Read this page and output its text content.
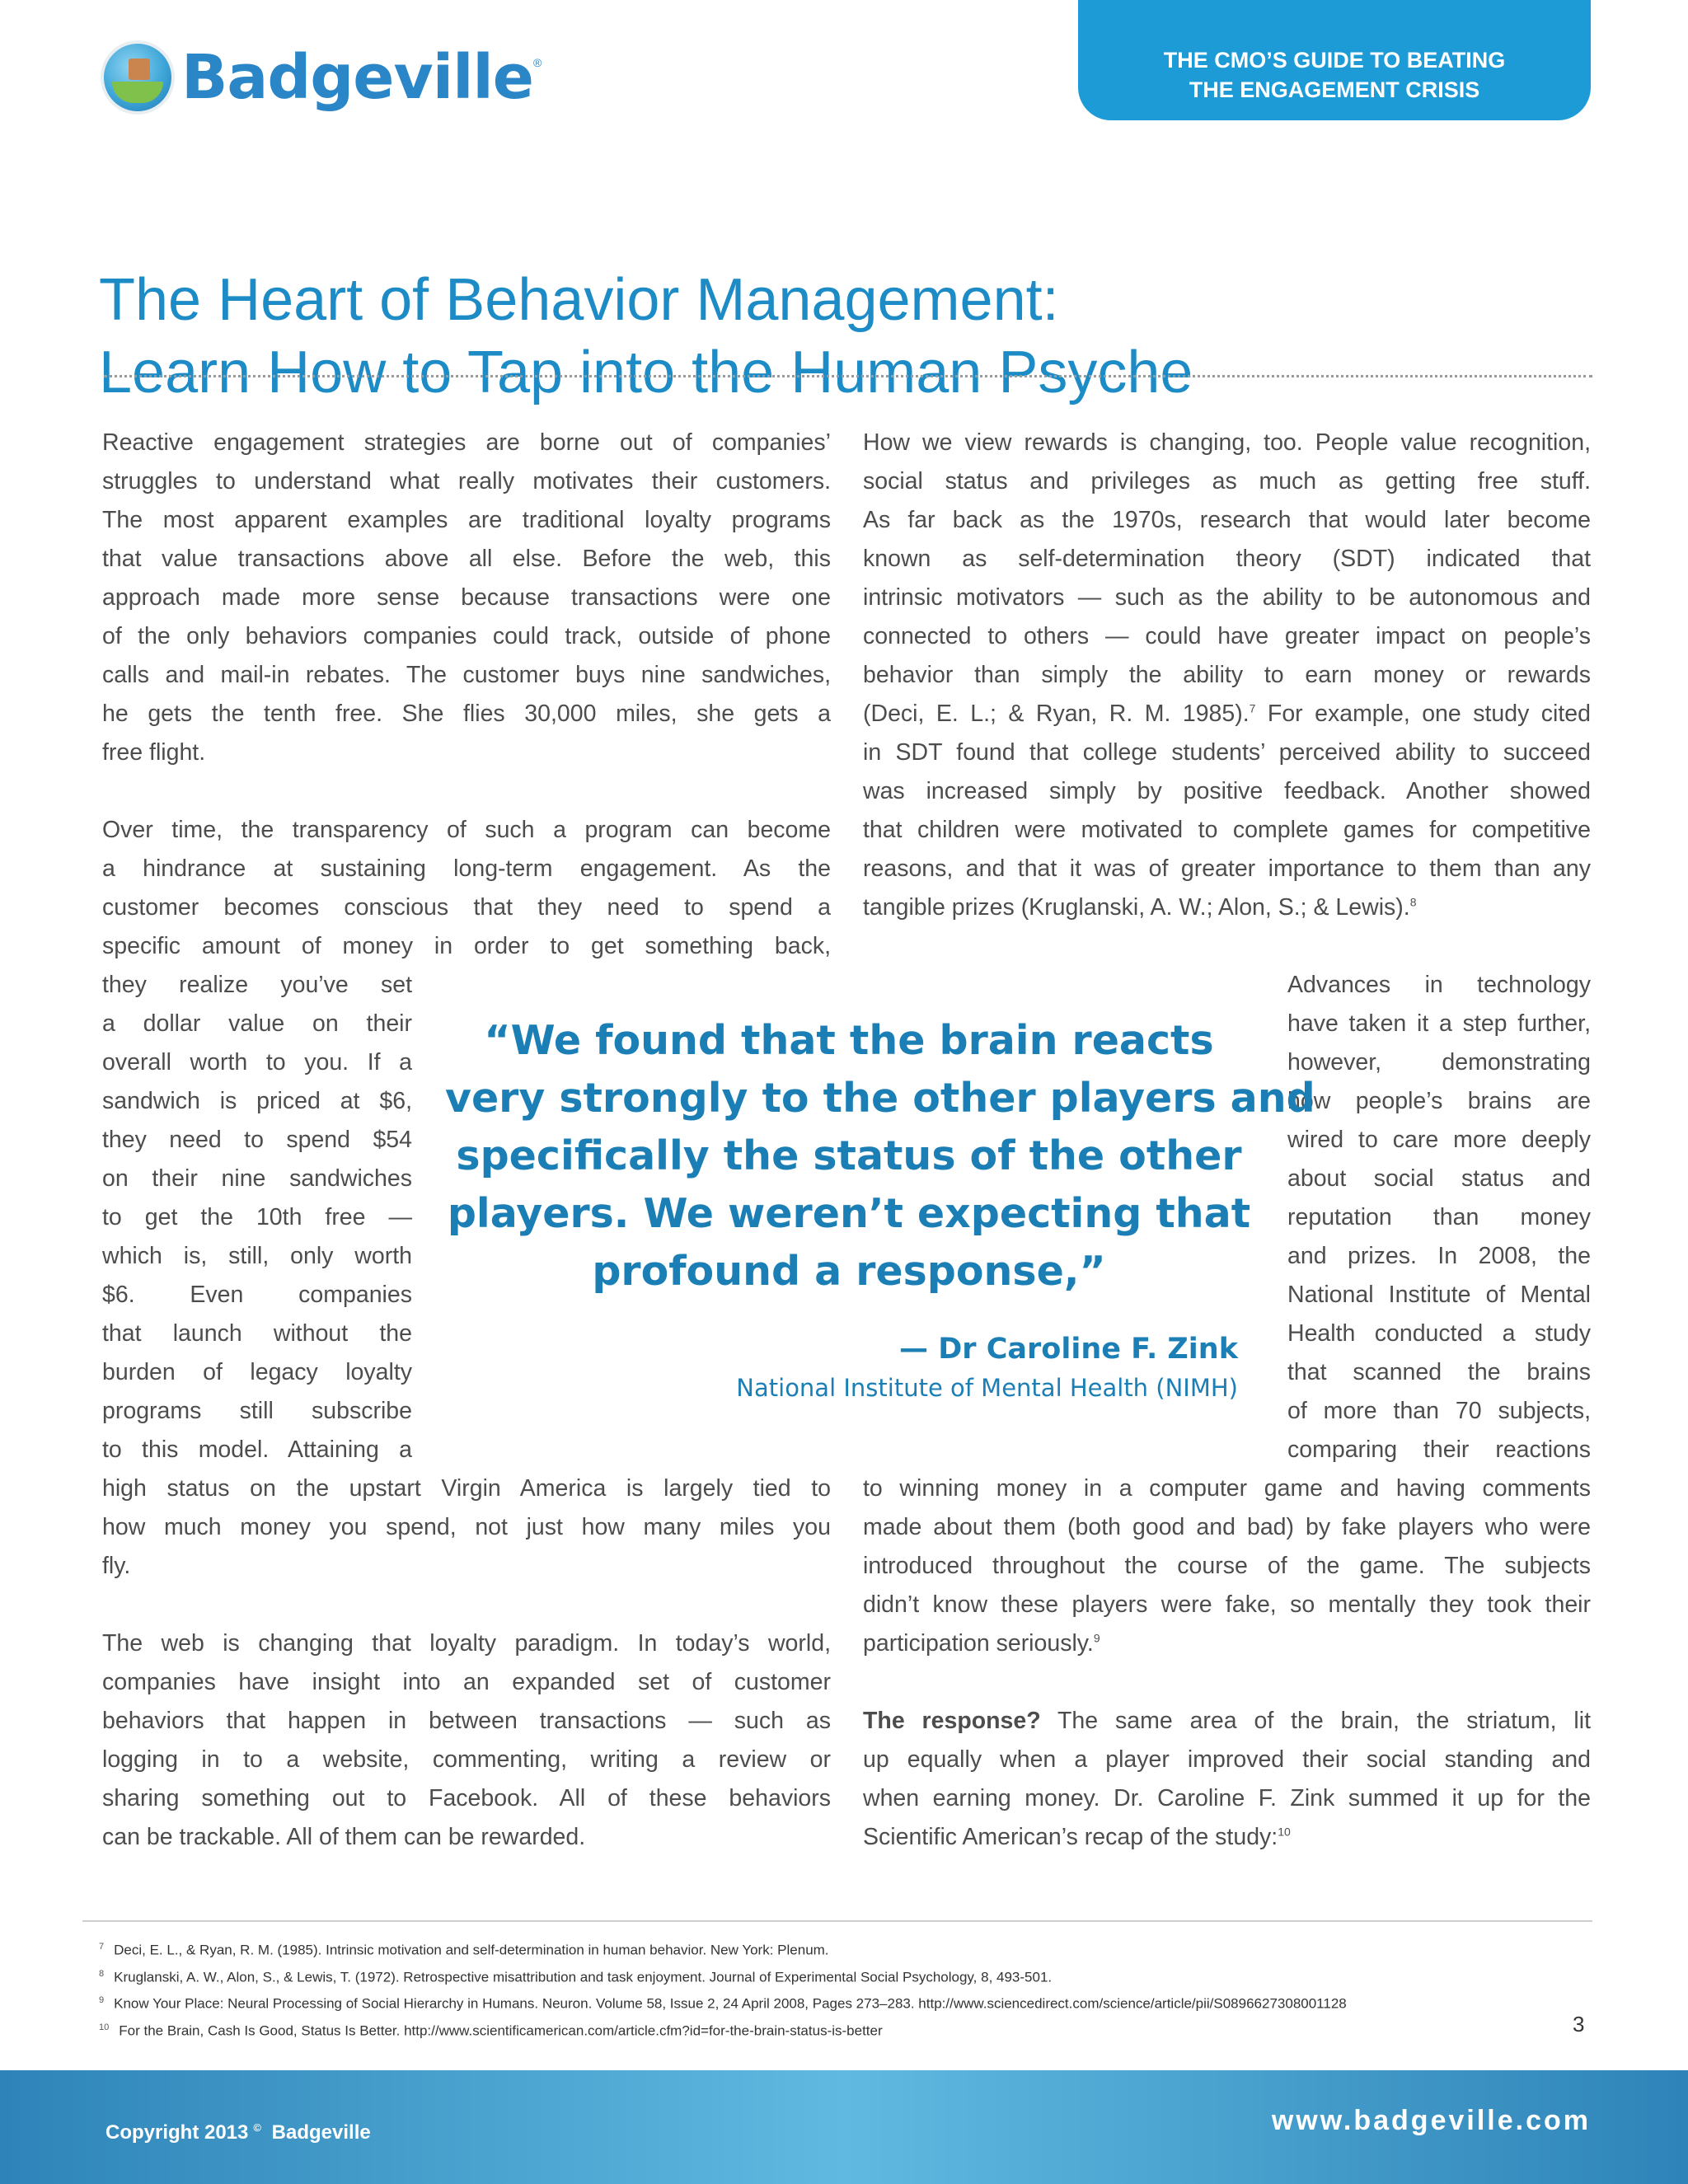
Badgeville ®	THE CMO’S GUIDE TO BEATING
THE ENGAGEMENT CRISIS
The Heart of Behavior Management:
Learn How to Tap into the Human Psyche
Reactive engagement strategies are borne out of companies’
struggles to understand what really motivates their customers.
The most apparent examples are traditional loyalty programs
that value transactions above all else. Before the web, this
approach made more sense because transactions were one
of the only behaviors companies could track, outside of phone
calls and mail-in rebates. The customer buys nine sandwiches,
he gets the tenth free. She flies 30,000 miles, she gets a
free flight.
Over time, the transparency of such a program can become
a hindrance at sustaining long-term engagement. As the
customer becomes conscious that they need to spend a
specific amount of money in order to get something back,
they realize you’ve set
a dollar value on their
overall worth to you. If a
sandwich is priced at $6,
they need to spend $54
on their nine sandwiches
to get the 10th free —
which is, still, only worth
$6. Even companies
that launch without the
burden of legacy loyalty
programs still subscribe
to this model. Attaining a
high status on the upstart Virgin America is largely tied to
how much money you spend, not just how many miles you
fly.
The web is changing that loyalty paradigm. In today’s world,
companies have insight into an expanded set of customer
behaviors that happen in between transactions — such as
logging in to a website, commenting, writing a review or
sharing something out to Facebook. All of these behaviors
can be trackable. All of them can be rewarded.
How we view rewards is changing, too. People value recognition,
social status and privileges as much as getting free stuff.
As far back as the 1970s, research that would later become
known as self-determination theory (SDT) indicated that
intrinsic motivators — such as the ability to be autonomous and
connected to others — could have greater impact on people’s
behavior than simply the ability to earn money or rewards
(Deci, E. L.; & Ryan, R. M. 1985).$^7$ For example, one study cited
in SDT found that college students’ perceived ability to succeed
was increased simply by positive feedback. Another showed
that children were motivated to complete games for competitive
reasons, and that it was of greater importance to them than any
tangible prizes (Kruglanski, A. W.; Alon, S.; & Lewis).$^8$
Advances in technology
have taken it a step further,
however, demonstrating
how people’s brains are
wired to care more deeply
about social status and
reputation than money
and prizes. In 2008, the
National Institute of Mental
Health conducted a study
that scanned the brains
of more than 70 subjects,
comparing their reactions
to winning money in a computer game and having comments
made about them (both good and bad) by fake players who were
introduced throughout the course of the game. The subjects
didn’t know these players were fake, so mentally they took their
participation seriously.$^9$
The response? The same area of the brain, the striatum, lit
up equally when a player improved their social standing and
when earning money. Dr. Caroline F. Zink summed it up for the
Scientific American’s recap of the study:$^{10}$
“We found that the brain reacts
very strongly to the other players and
specifically the status of the other
players. We weren’t expecting that
profound a response,”
— Dr Caroline F. Zink
National Institute of Mental Health (NIMH)
$^7$ Deci, E. L., & Ryan, R. M. (1985). Intrinsic motivation and self-determination in human behavior. New York: Plenum.
$^8$ Kruglanski, A. W., Alon, S., & Lewis, T. (1972). Retrospective misattribution and task enjoyment. Journal of Experimental Social Psychology, 8, 493-501.
$^9$ Know Your Place: Neural Processing of Social Hierarchy in Humans. Neuron. Volume 58, Issue 2, 24 April 2008, Pages 273–283. http://www.sciencedirect.com/science/article/pii/S0896627308001128
$^{10}$ For the Brain, Cash Is Good, Status Is Better. http://www.scientificamerican.com/article.cfm?id=for-the-brain-status-is-better	3
Copyright 2013 © Badgeville	www.badgeville.com
